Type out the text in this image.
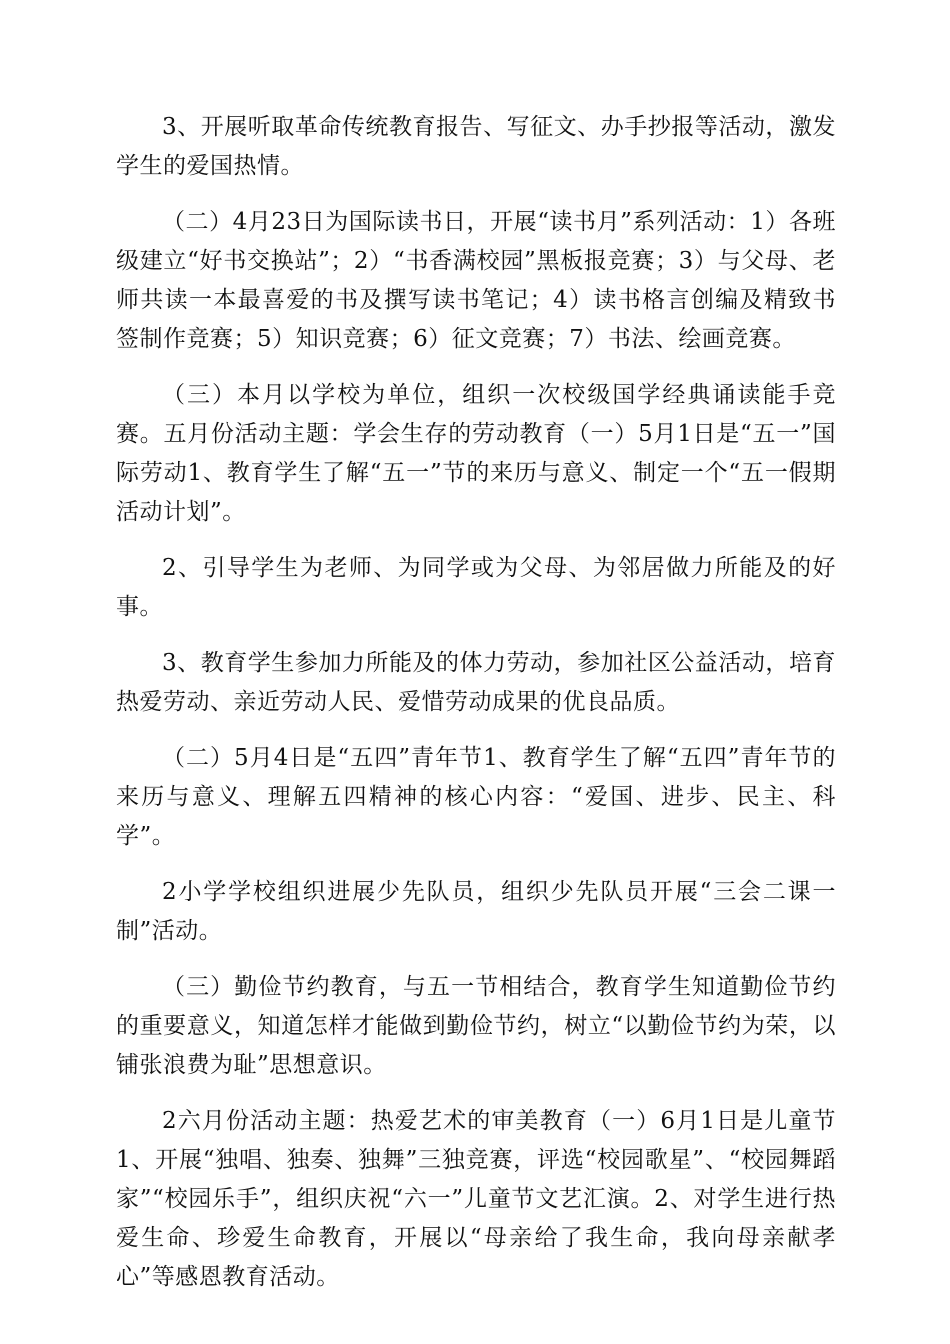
3、开展听取革命传统教育报告、写征文、办手抄报等活动，激发学生的爱国热情。

（二）4月23日为国际读书日，开展“读书月”系列活动：1）各班级建立“好书交换站”；2）“书香满校园”黑板报竞赛；3）与父母、老师共读一本最喜爱的书及撰写读书笔记；4）读书格言创编及精致书签制作竞赛；5）知识竞赛；6）征文竞赛；7）书法、绘画竞赛。

（三）本月以学校为单位，组织一次校级国学经典诵读能手竞赛。五月份活动主题：学会生存的劳动教育（一）5月1日是“五一”国际劳动1、教育学生了解“五一”节的来历与意义、制定一个“五一假期活动计划”。

2、引导学生为老师、为同学或为父母、为邻居做力所能及的好事。

3、教育学生参加力所能及的体力劳动，参加社区公益活动，培育热爱劳动、亲近劳动人民、爱惜劳动成果的优良品质。

（二）5月4日是“五四”青年节1、教育学生了解“五四”青年节的来历与意义、理解五四精神的核心内容：“爱国、进步、民主、科学”。

2小学学校组织进展少先队员，组织少先队员开展“三会二课一制”活动。

（三）勤俭节约教育，与五一节相结合，教育学生知道勤俭节约的重要意义，知道怎样才能做到勤俭节约，树立“以勤俭节约为荣，以铺张浪费为耻”思想意识。

2六月份活动主题：热爱艺术的审美教育（一）6月1日是儿童节1、开展“独唱、独奏、独舞”三独竞赛，评选“校园歌星”、“校园舞蹈家”“校园乐手”，组织庆祝“六一”儿童节文艺汇演。2、对学生进行热爱生命、珍爱生命教育，开展以“母亲给了我生命，我向母亲献孝心”等感恩教育活动。
